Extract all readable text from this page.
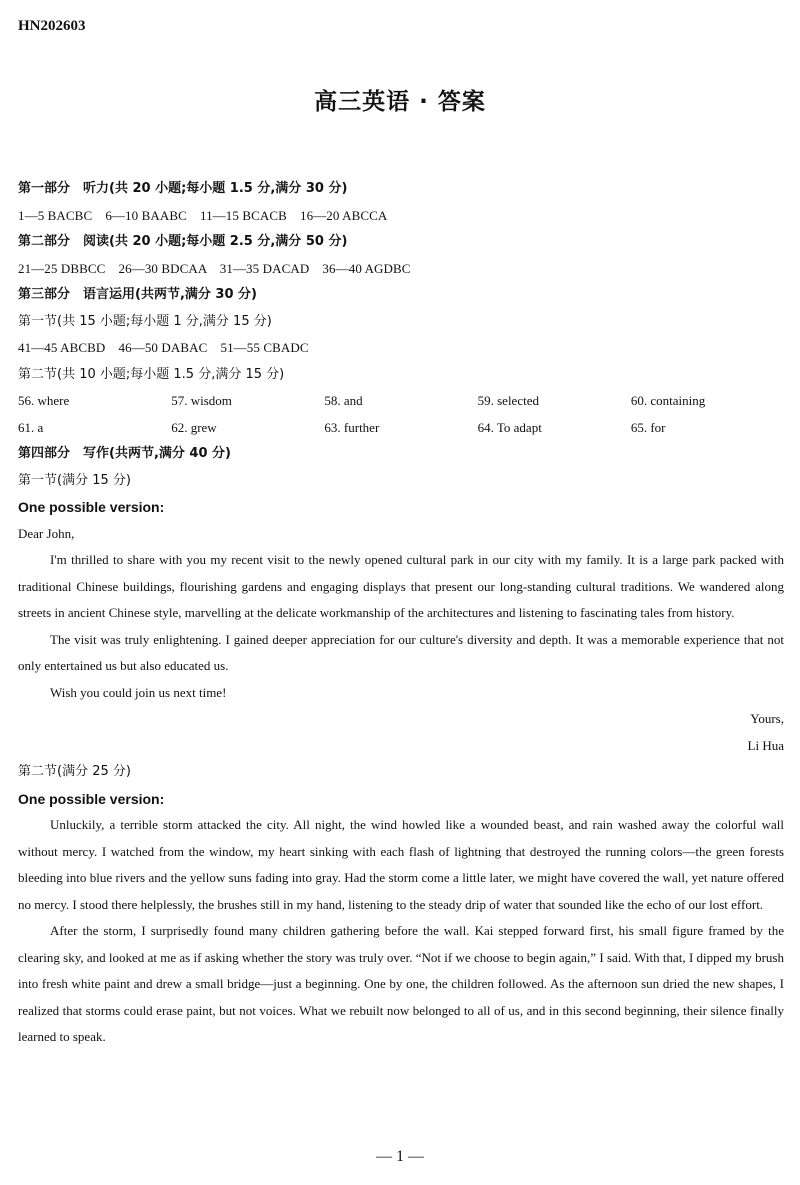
HN202603
高三英语 · 答案
第一部分　听力(共 20 小题;每小题 1.5 分,满分 30 分)
1—5 BACBC　6—10 BAABC　11—15 BCACB　16—20 ABCCA
第二部分　阅读(共 20 小题;每小题 2.5 分,满分 50 分)
21—25 DBBCC　26—30 BDCAA　31—35 DACAD　36—40 AGDBC
第三部分　语言运用(共两节,满分 30 分)
第一节(共 15 小题;每小题 1 分,满分 15 分)
41—45 ABCBD　46—50 DABAC　51—55 CBADC
第二节(共 10 小题;每小题 1.5 分,满分 15 分)
56. where	57. wisdom	58. and	59. selected	60. containing
61. a	62. grew	63. further	64. To adapt	65. for
第四部分　写作(共两节,满分 40 分)
第一节(满分 15 分)
One possible version:
Dear John,

I'm thrilled to share with you my recent visit to the newly opened cultural park in our city with my family. It is a large park packed with traditional Chinese buildings, flourishing gardens and engaging displays that present our long-standing cultural traditions. We wandered along streets in ancient Chinese style, marvelling at the delicate workmanship of the architectures and listening to fascinating tales from history.

The visit was truly enlightening. I gained deeper appreciation for our culture's diversity and depth. It was a memorable experience that not only entertained us but also educated us.

Wish you could join us next time!

Yours,
Li Hua
第二节(满分 25 分)
One possible version:

Unluckily, a terrible storm attacked the city. All night, the wind howled like a wounded beast, and rain washed away the colorful wall without mercy. I watched from the window, my heart sinking with each flash of lightning that destroyed the running colors—the green forests bleeding into blue rivers and the yellow suns fading into gray. Had the storm come a little later, we might have covered the wall, yet nature offered no mercy. I stood there helplessly, the brushes still in my hand, listening to the steady drip of water that sounded like the echo of our lost effort.

After the storm, I surprisedly found many children gathering before the wall. Kai stepped forward first, his small figure framed by the clearing sky, and looked at me as if asking whether the story was truly over. “Not if we choose to begin again,” I said. With that, I dipped my brush into fresh white paint and drew a small bridge—just a beginning. One by one, the children followed. As the afternoon sun dried the new shapes, I realized that storms could erase paint, but not voices. What we rebuilt now belonged to all of us, and in this second beginning, their silence finally learned to speak.

— 1 —
